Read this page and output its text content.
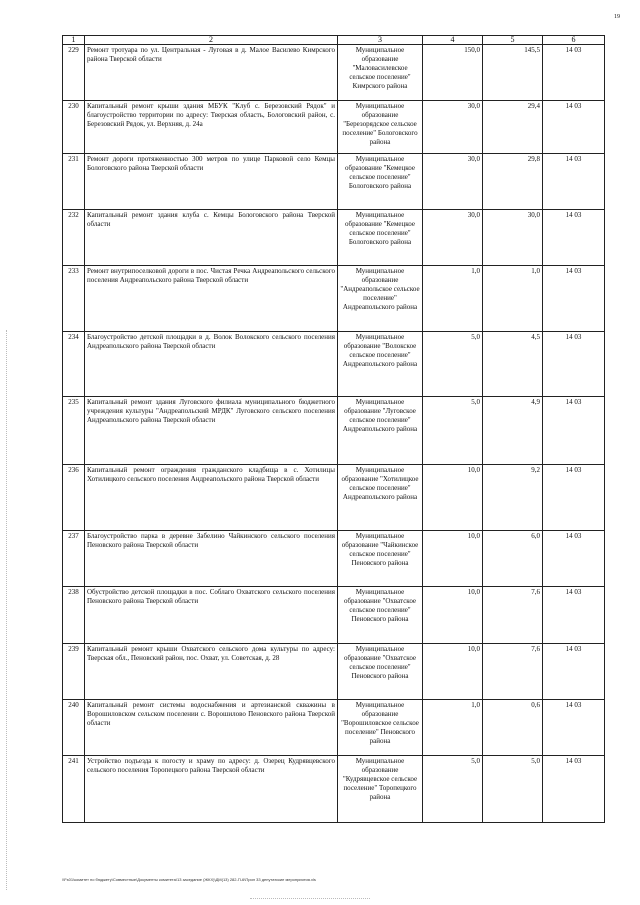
19
1	2	3	4	5	6
229	Ремонт тротуара по ул. Центральная - Луговая в д. Малое Василево Кимрского района Тверской области	Муниципальное образование "Маловасилевское сельское поселение" Кимрского района	150,0	145,5	14 03
230	Капитальный ремонт крыши здания МБУК "Клуб с. Березовский Рядок" и благоустройство территории по адресу: Тверская область, Бологовский район, с. Березовский Рядок, ул. Верхняя, д. 24а	Муниципальное образование "Березорядское сельское поселение" Бологовского района	30,0	29,4	14 03
231	Ремонт дороги протяженностью 300 метров по улице Парковой село Кемцы Бологовского района Тверской области	Муниципальное образование "Кемецкое сельское поселение" Бологовского района	30,0	29,8	14 03
232	Капитальный ремонт здания клуба с. Кемцы Бологовского района Тверской области	Муниципальное образование "Кемецкое сельское поселение" Бологовского района	30,0	30,0	14 03
233	Ремонт внутрипоселковой дороги в пос. Чистая Речка Андреапольского сельского поселения Андреапольского района Тверской области	Муниципальное образование "Андреапольское сельское поселение" Андреапольского района	1,0	1,0	14 03
234	Благоустройство детской площадки в д. Волок Волокского сельского поселения Андреапольского района Тверской области	Муниципальное образование "Волокское сельское поселение" Андреапольского района	5,0	4,5	14 03
235	Капитальный ремонт здания Луговского филиала муниципального бюджетного учреждения культуры "Андреапольский МРДК" Луговского сельского поселения Андреапольского района Тверской области	Муниципальное образование "Луговское сельское поселение" Андреапольского района	5,0	4,9	14 03
236	Капитальный ремонт ограждения гражданского кладбища в с. Хотилицы Хотилицкого сельского поселения Андреапольского района Тверской области	Муниципальное образование "Хотилицкое сельское поселение" Андреапольского района	10,0	9,2	14 03
237	Благоустройство парка в деревне Забелино Чайкинского сельского поселения Пеновского района Тверской области	Муниципальное образование "Чайкинское сельское поселение" Пеновского района	10,0	6,0	14 03
238	Обустройство детской площадки в пос. Соблаго Охватского сельского поселения Пеновского района Тверской области	Муниципальное образование "Охватское сельское поселение" Пеновского района	10,0	7,6	14 03
239	Капитальный ремонт крыши Охватского сельского дома культуры по адресу: Тверская обл., Пеновский район, пос. Охват, ул. Советская, д. 28	Муниципальное образование "Охватское сельское поселение" Пеновского района	10,0	7,6	14 03
240	Капитальный ремонт системы водоснабжения и артезианской скважины в Ворошиловском сельском поселении с. Ворошилово Пеновского района Тверской области	Муниципальное образование "Ворошиловское сельское поселение" Пеновского района	1,0	0,6	14 03
241	Устройство подъезда к погосту и храму по адресу: д. Озерец Кудрявцевского сельского поселения Торопецкого района Тверской области	Муниципальное образование "Кудрявцевское сельское поселение" Торопецкого района	5,0	5,0	14 03
\\Fs01\комитет по бюджету\Совместные\Документы комитета\13 заседание (ЖКХ)\ДМ(13) 282-П-6\Прил 33 депутатские мероприятия.xls
